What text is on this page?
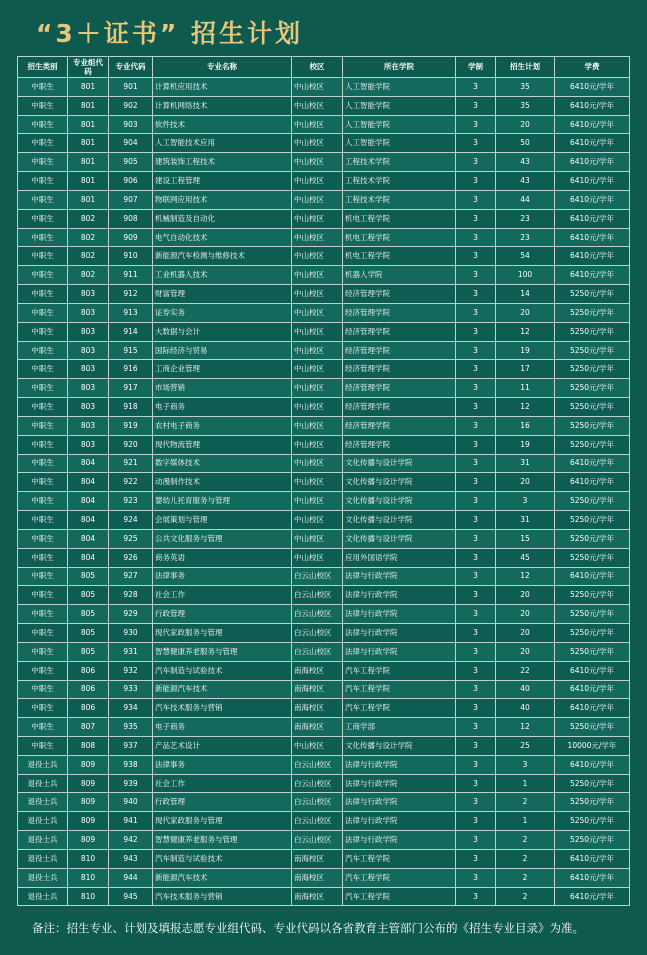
“3＋证书” 招生计划
招生类别	专业组代码	专业代码	专业名称	校区	所在学院	学制	招生计划	学费
中职生	801	901	计算机应用技术	中山校区	人工智能学院	3	35	6410元/学年
中职生	801	902	计算机网络技术	中山校区	人工智能学院	3	35	6410元/学年
中职生	801	903	软件技术	中山校区	人工智能学院	3	20	6410元/学年
中职生	801	904	人工智能技术应用	中山校区	人工智能学院	3	50	6410元/学年
中职生	801	905	建筑装饰工程技术	中山校区	工程技术学院	3	43	6410元/学年
中职生	801	906	建设工程管理	中山校区	工程技术学院	3	43	6410元/学年
中职生	801	907	物联网应用技术	中山校区	工程技术学院	3	44	6410元/学年
中职生	802	908	机械制造及自动化	中山校区	机电工程学院	3	23	6410元/学年
中职生	802	909	电气自动化技术	中山校区	机电工程学院	3	23	6410元/学年
中职生	802	910	新能源汽车检测与维修技术	中山校区	机电工程学院	3	54	6410元/学年
中职生	802	911	工业机器人技术	中山校区	机器人学院	3	100	6410元/学年
中职生	803	912	财富管理	中山校区	经济管理学院	3	14	5250元/学年
中职生	803	913	证券实务	中山校区	经济管理学院	3	20	5250元/学年
中职生	803	914	大数据与会计	中山校区	经济管理学院	3	12	5250元/学年
中职生	803	915	国际经济与贸易	中山校区	经济管理学院	3	19	5250元/学年
中职生	803	916	工商企业管理	中山校区	经济管理学院	3	17	5250元/学年
中职生	803	917	市场营销	中山校区	经济管理学院	3	11	5250元/学年
中职生	803	918	电子商务	中山校区	经济管理学院	3	12	5250元/学年
中职生	803	919	农村电子商务	中山校区	经济管理学院	3	16	5250元/学年
中职生	803	920	现代物流管理	中山校区	经济管理学院	3	19	5250元/学年
中职生	804	921	数字媒体技术	中山校区	文化传播与设计学院	3	31	6410元/学年
中职生	804	922	动漫制作技术	中山校区	文化传播与设计学院	3	20	6410元/学年
中职生	804	923	婴幼儿托育服务与管理	中山校区	文化传播与设计学院	3	3	5250元/学年
中职生	804	924	会展策划与管理	中山校区	文化传播与设计学院	3	31	5250元/学年
中职生	804	925	公共文化服务与管理	中山校区	文化传播与设计学院	3	15	5250元/学年
中职生	804	926	商务英语	中山校区	应用外国语学院	3	45	5250元/学年
中职生	805	927	法律事务	白云山校区	法律与行政学院	3	12	6410元/学年
中职生	805	928	社会工作	白云山校区	法律与行政学院	3	20	5250元/学年
中职生	805	929	行政管理	白云山校区	法律与行政学院	3	20	5250元/学年
中职生	805	930	现代家政服务与管理	白云山校区	法律与行政学院	3	20	5250元/学年
中职生	805	931	智慧健康养老服务与管理	白云山校区	法律与行政学院	3	20	5250元/学年
中职生	806	932	汽车制造与试验技术	南海校区	汽车工程学院	3	22	6410元/学年
中职生	806	933	新能源汽车技术	南海校区	汽车工程学院	3	40	6410元/学年
中职生	806	934	汽车技术服务与营销	南海校区	汽车工程学院	3	40	6410元/学年
中职生	807	935	电子商务	南海校区	工商学部	3	12	5250元/学年
中职生	808	937	产品艺术设计	中山校区	文化传播与设计学院	3	25	10000元/学年
退役士兵	809	938	法律事务	白云山校区	法律与行政学院	3	3	6410元/学年
退役士兵	809	939	社会工作	白云山校区	法律与行政学院	3	1	5250元/学年
退役士兵	809	940	行政管理	白云山校区	法律与行政学院	3	2	5250元/学年
退役士兵	809	941	现代家政服务与管理	白云山校区	法律与行政学院	3	1	5250元/学年
退役士兵	809	942	智慧健康养老服务与管理	白云山校区	法律与行政学院	3	2	5250元/学年
退役士兵	810	943	汽车制造与试验技术	南海校区	汽车工程学院	3	2	6410元/学年
退役士兵	810	944	新能源汽车技术	南海校区	汽车工程学院	3	2	6410元/学年
退役士兵	810	945	汽车技术服务与营销	南海校区	汽车工程学院	3	2	6410元/学年
备注：招生专业、计划及填报志愿专业组代码、专业代码以各省教育主管部门公布的《招生专业目录》为准。
